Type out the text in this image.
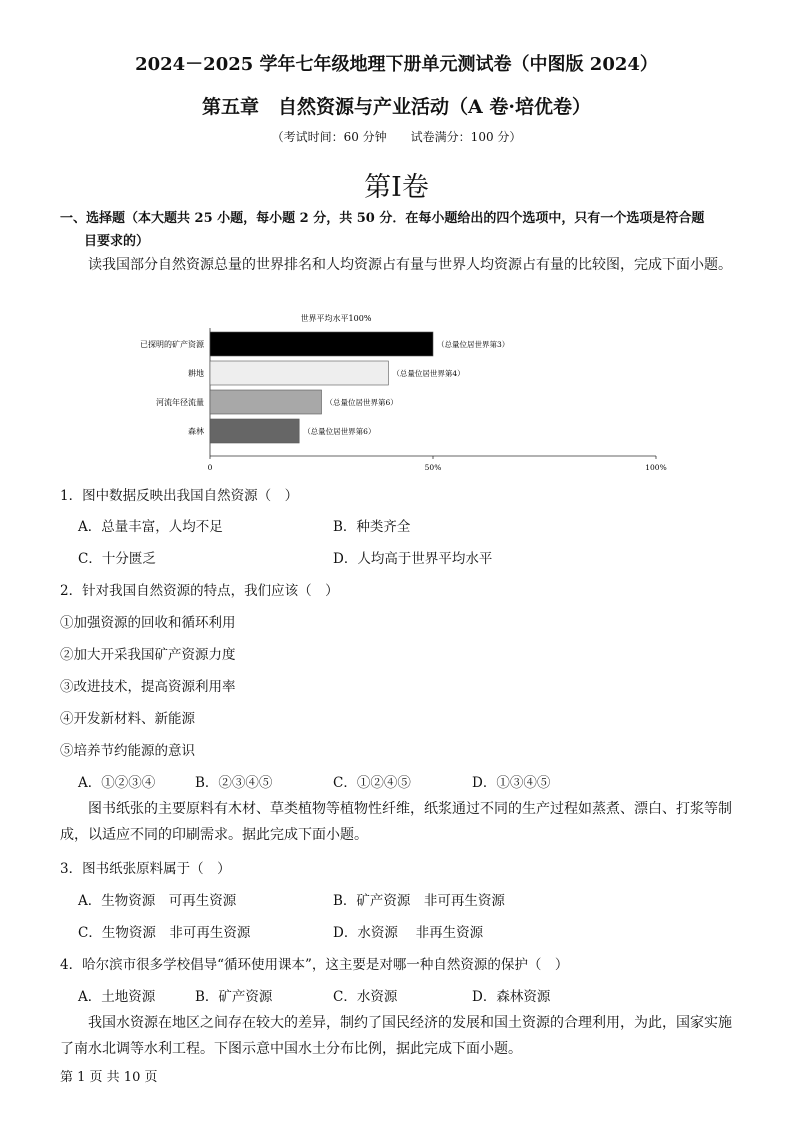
2024－2025 学年七年级地理下册单元测试卷（中图版 2024）
第五章　自然资源与产业活动（A 卷·培优卷）
（考试时间：60 分钟　　试卷满分：100 分）
第Ⅰ卷
一、选择题（本大题共 25 小题，每小题 2 分，共 50 分．在每小题给出的四个选项中，只有一个选项是符合题
目要求的）
读我国部分自然资源总量的世界排名和人均资源占有量与世界人均资源占有量的比较图，完成下面小题。
世界平均水平100%
已探明的矿产资源	（总量位居世界第3）
耕地	（总量位居世界第4）
河流年径流量	（总量位居世界第6）
森林	（总量位居世界第6）
0	50%	100%
1．图中数据反映出我国自然资源（　）
A．总量丰富，人均不足	B．种类齐全
C．十分匮乏	D．人均高于世界平均水平
2．针对我国自然资源的特点，我们应该（　）
①加强资源的回收和循环利用
②加大开采我国矿产资源力度
③改进技术，提高资源利用率
④开发新材料、新能源
⑤培养节约能源的意识
A．①②③④	B．②③④⑤	C．①②④⑤	D．①③④⑤
图书纸张的主要原料有木材、草类植物等植物性纤维，纸浆通过不同的生产过程如蒸煮、漂白、打浆等制成，以适应不同的印刷需求。据此完成下面小题。
3．图书纸张原料属于（　）
A．生物资源　可再生资源	B．矿产资源　非可再生资源
C．生物资源　非可再生资源	D．水资源　 非再生资源
4．哈尔滨市很多学校倡导“循环使用课本”，这主要是对哪一种自然资源的保护（　）
A．土地资源	B．矿产资源	C．水资源	D．森林资源
我国水资源在地区之间存在较大的差异，制约了国民经济的发展和国土资源的合理利用，为此，国家实施了南水北调等水利工程。下图示意中国水土分布比例，据此完成下面小题。
第 1 页 共 10 页
